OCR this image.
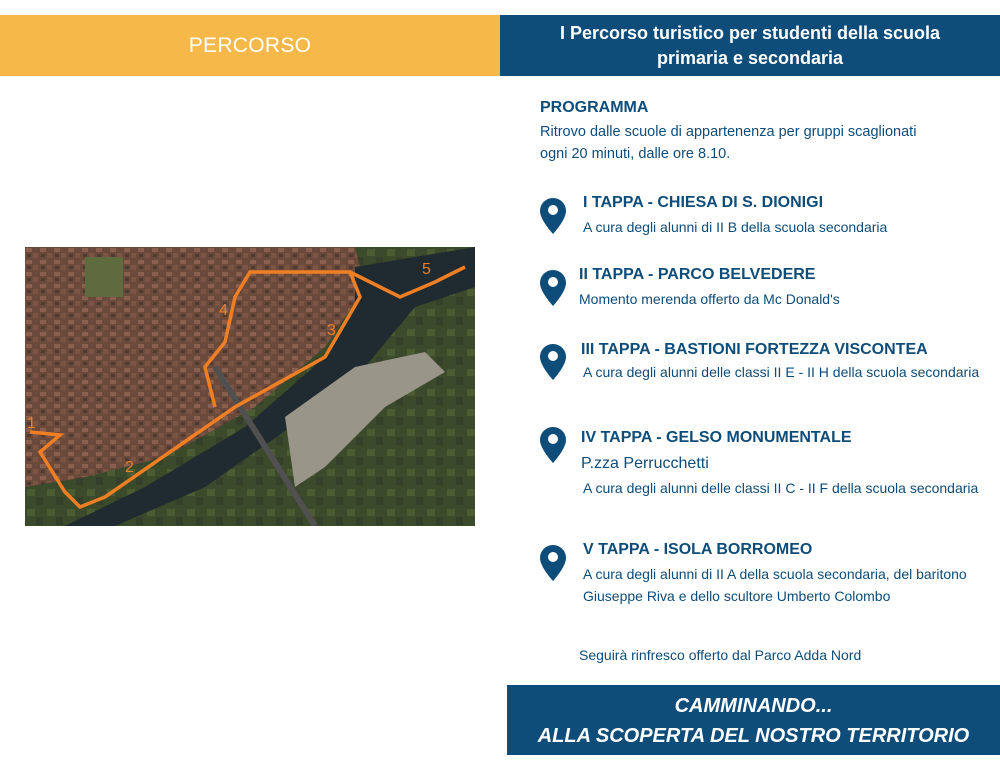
PERCORSO
I Percorso turistico per studenti della scuola primaria e secondaria
1
2
3
4
5
PROGRAMMA
Ritrovo dalle scuole di appartenenza per gruppi scaglionati ogni 20 minuti, dalle ore 8.10.
I TAPPA - CHIESA DI S. DIONIGI
A cura degli alunni di II B della scuola secondaria
II TAPPA - PARCO BELVEDERE
Momento merenda offerto da Mc Donald's
III TAPPA - BASTIONI FORTEZZA VISCONTEA
A cura degli alunni delle classi II E - II H della scuola secondaria
IV TAPPA - GELSO MONUMENTALE
P.zza Perrucchetti
A cura degli alunni delle classi II C - II F della scuola secondaria
V TAPPA - ISOLA BORROMEO
A cura degli alunni di II A della scuola secondaria, del baritono Giuseppe Riva e dello scultore Umberto Colombo
Seguirà rinfresco offerto dal Parco Adda Nord
CAMMINANDO...
ALLA SCOPERTA DEL NOSTRO TERRITORIO
